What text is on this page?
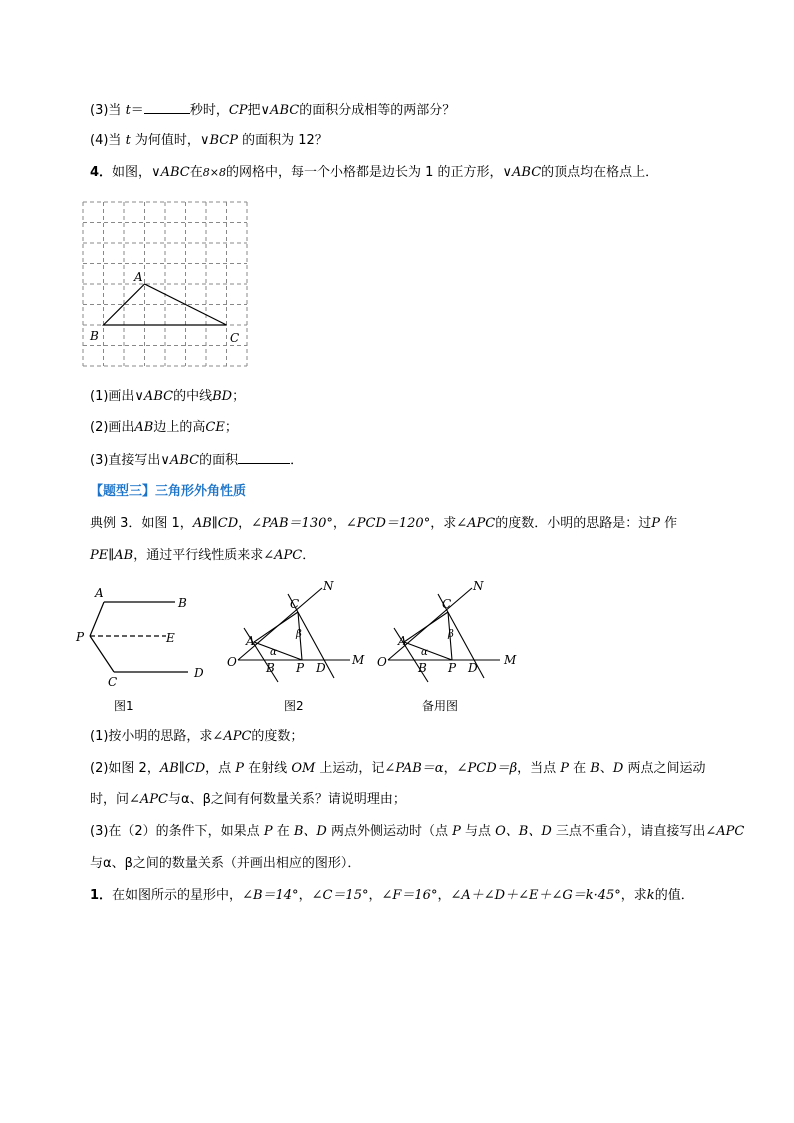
(3)当 t＝	秒时，CP把∨ABC的面积分成相等的两部分？
(4)当 t 为何值时，∨BCP 的面积为 12？
4．如图，∨ABC在8×8的网格中，每一个小格都是边长为 1 的正方形，∨ABC的顶点均在格点上．
A
B	C
(1)画出∨ABC的中线BD；
(2)画出AB边上的高CE；
(3)直接写出∨ABC的面积	．
【题型三】三角形外角性质
典例 3．如图 1，AB∥CD，∠PAB＝130°，∠PCD＝120°，求∠APC的度数．小明的思路是：过P 作
PE∥AB，通过平行线性质来求∠APC．
A
B
P	E
C
D
图1
N
C
β
A
α
O B P D
M
图2
N
C
β
A
α
O	B P D
M
备用图
(1)按小明的思路，求∠APC的度数；
(2)如图 2，AB∥CD，点 P 在射线 OM 上运动，记∠PAB＝α，∠PCD＝β，当点 P 在 B、D 两点之间运动
时，问∠APC与α、β之间有何数量关系？请说明理由；
(3)在（2）的条件下，如果点 P 在 B、D 两点外侧运动时（点 P 与点 O、B、D 三点不重合），请直接写出∠APC
与α、β之间的数量关系（并画出相应的图形）．
1．在如图所示的星形中，∠B＝14°，∠C＝15°，∠F＝16°，∠A＋∠D＋∠E＋∠G＝k·45°，求k的值．
